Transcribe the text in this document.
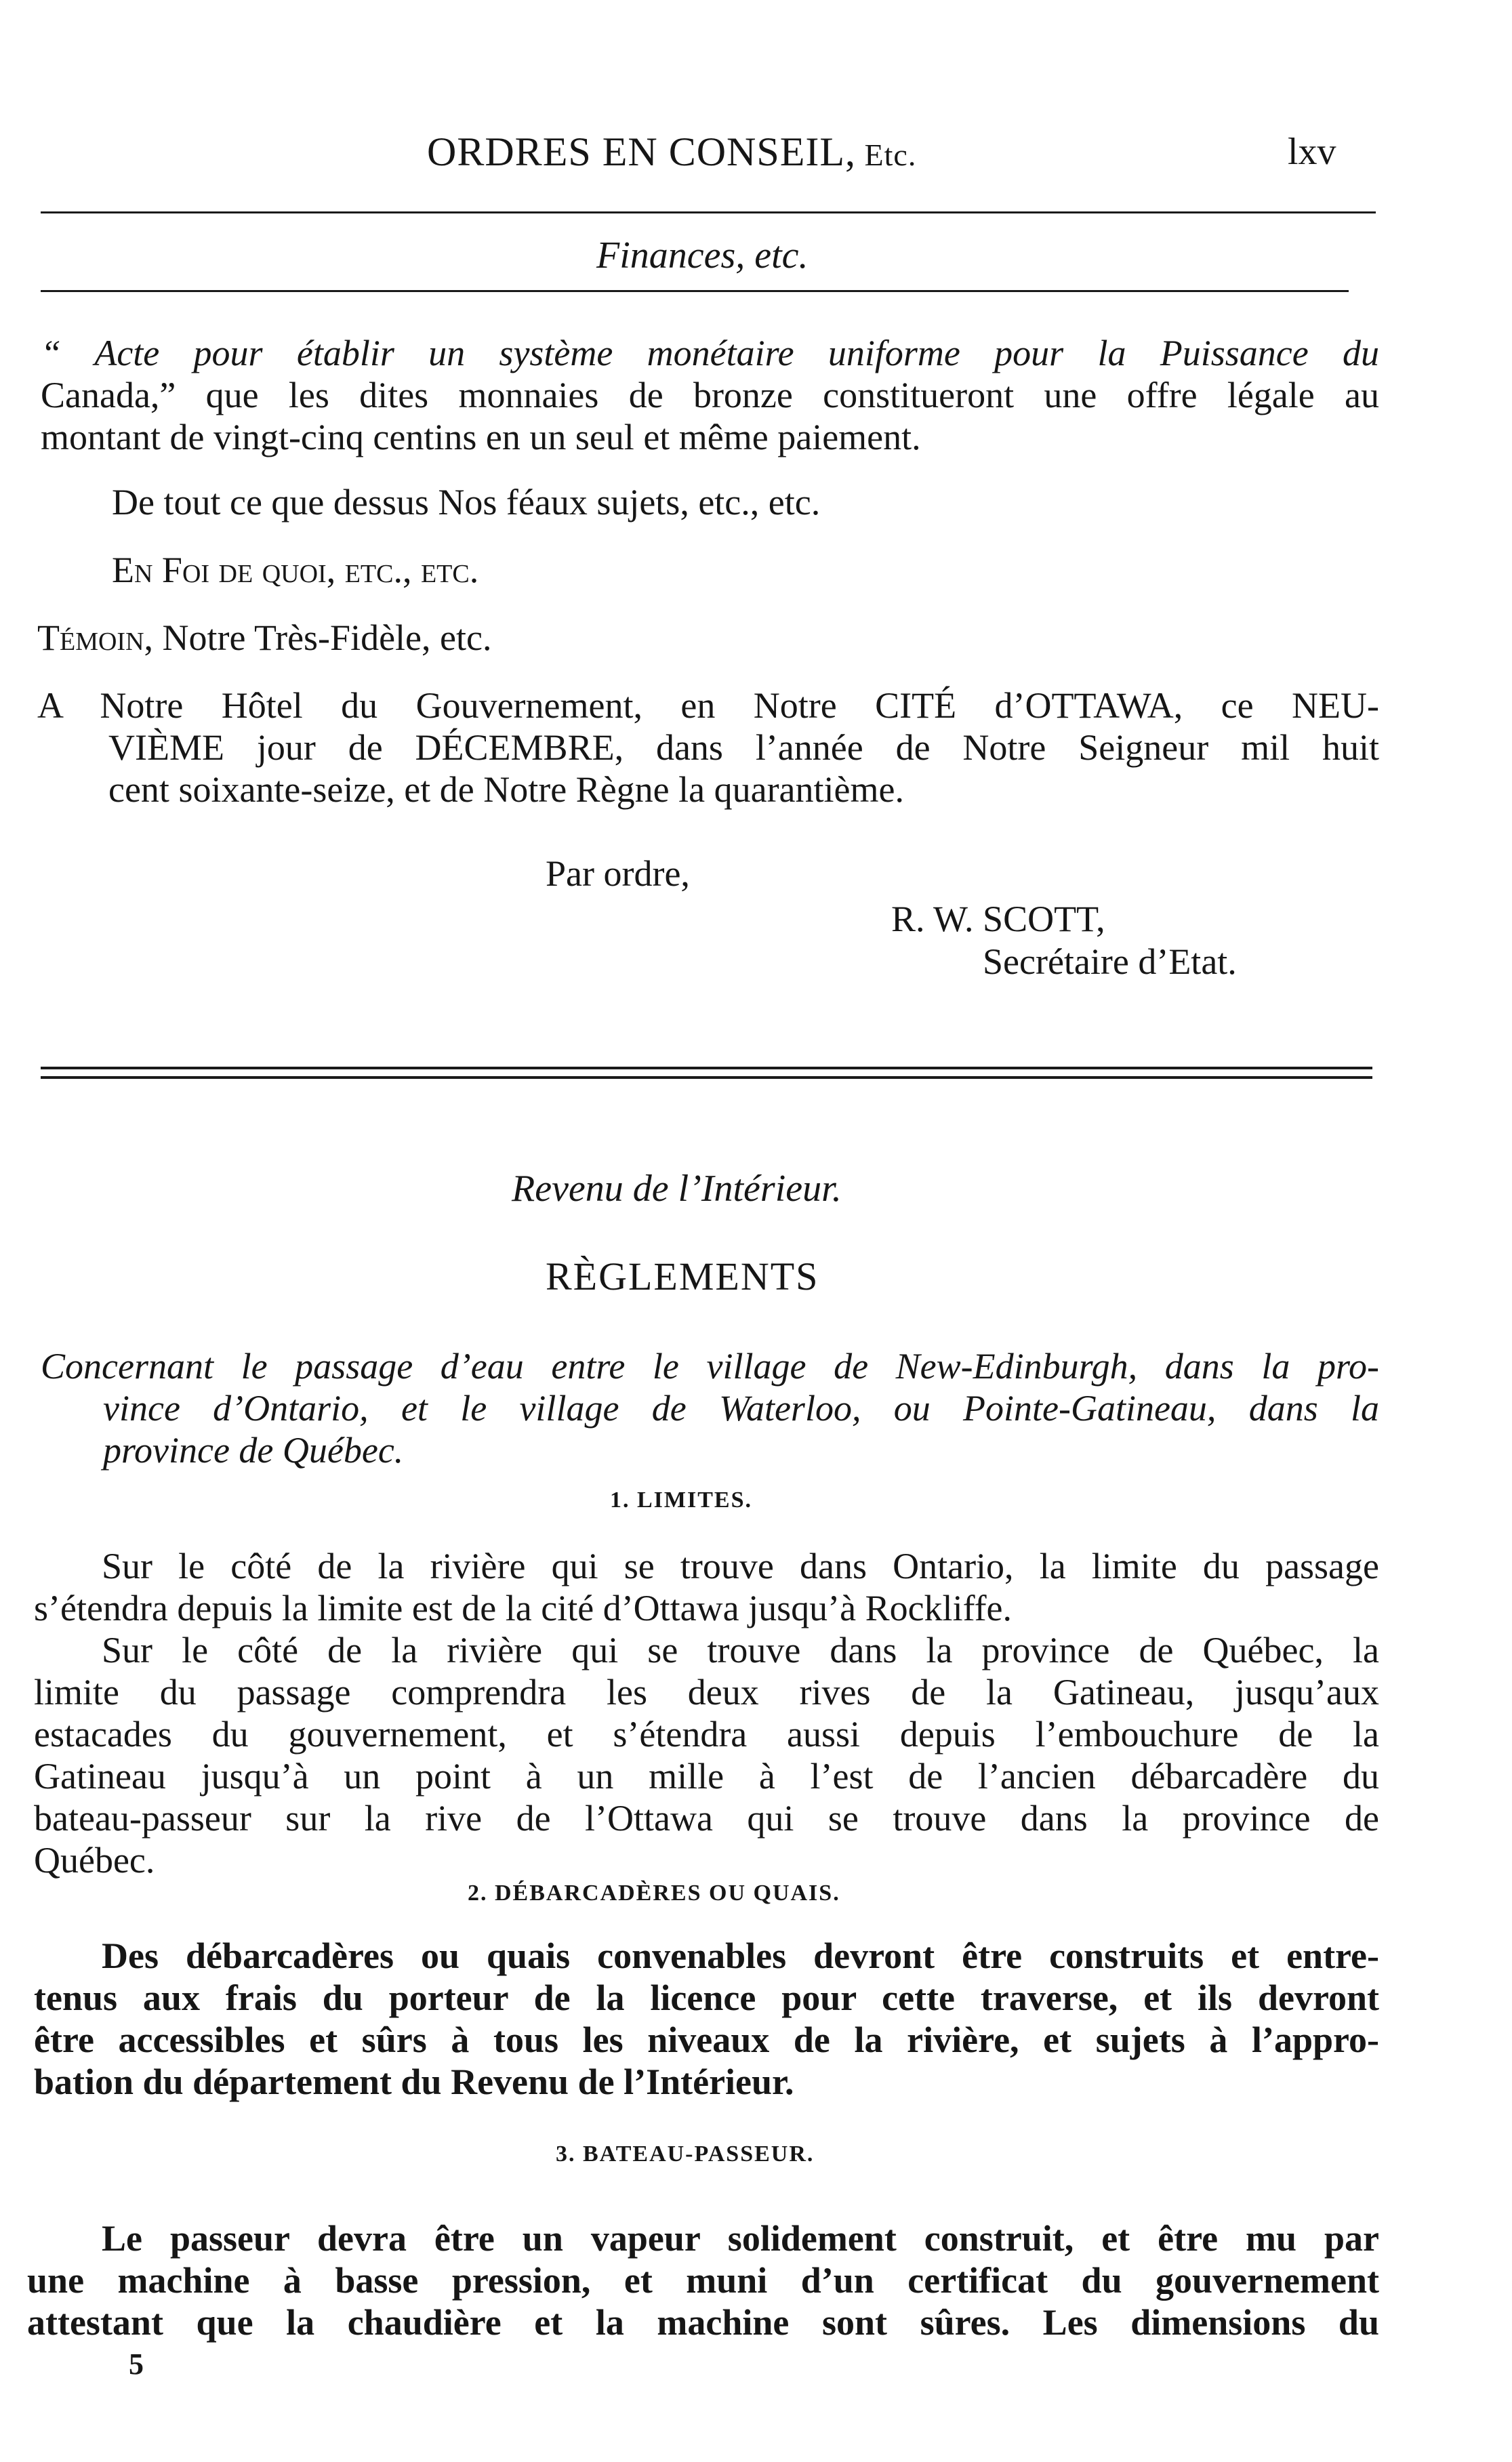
ORDRES EN CONSEIL, Etc.	lxv
Finances, etc.
“ Acte pour établir un système monétaire uniforme pour la Puissance du
Canada,” que les dites monnaies de bronze constitueront une offre légale au
montant de vingt-cinq centins en un seul et même paiement.
De tout ce que dessus Nos féaux sujets, etc., etc.
En Foi de quoi, etc., etc.
Témoin, Notre Très-Fidèle, etc.
A Notre Hôtel du Gouvernement, en Notre CITÉ d’OTTAWA, ce NEU-
VIÈME jour de DÉCEMBRE, dans l’année de Notre Seigneur mil huit
cent soixante-seize, et de Notre Règne la quarantième.
Par ordre,
R. W. SCOTT,
Secrétaire d’Etat.
Revenu de l’Intérieur.
RÈGLEMENTS
Concernant le passage d’eau entre le village de New-Edinburgh, dans la pro-
vince d’Ontario, et le village de Waterloo, ou Pointe-Gatineau, dans la
province de Québec.
1. LIMITES.
Sur le côté de la rivière qui se trouve dans Ontario, la limite du passage
s’étendra depuis la limite est de la cité d’Ottawa jusqu’à Rockliffe.
Sur le côté de la rivière qui se trouve dans la province de Québec, la
limite du passage comprendra les deux rives de la Gatineau, jusqu’aux
estacades du gouvernement, et s’étendra aussi depuis l’embouchure de la
Gatineau jusqu’à un point à un mille à l’est de l’ancien débarcadère du
bateau-passeur sur la rive de l’Ottawa qui se trouve dans la province de
Québec.
2. DÉBARCADÈRES OU QUAIS.
Des débarcadères ou quais convenables devront être construits et entre-
tenus aux frais du porteur de la licence pour cette traverse, et ils devront
être accessibles et sûrs à tous les niveaux de la rivière, et sujets à l’appro-
bation du département du Revenu de l’Intérieur.
3. BATEAU-PASSEUR.
Le passeur devra être un vapeur solidement construit, et être mu par
une machine à basse pression, et muni d’un certificat du gouvernement
attestant que la chaudière et la machine sont sûres. Les dimensions du
5
